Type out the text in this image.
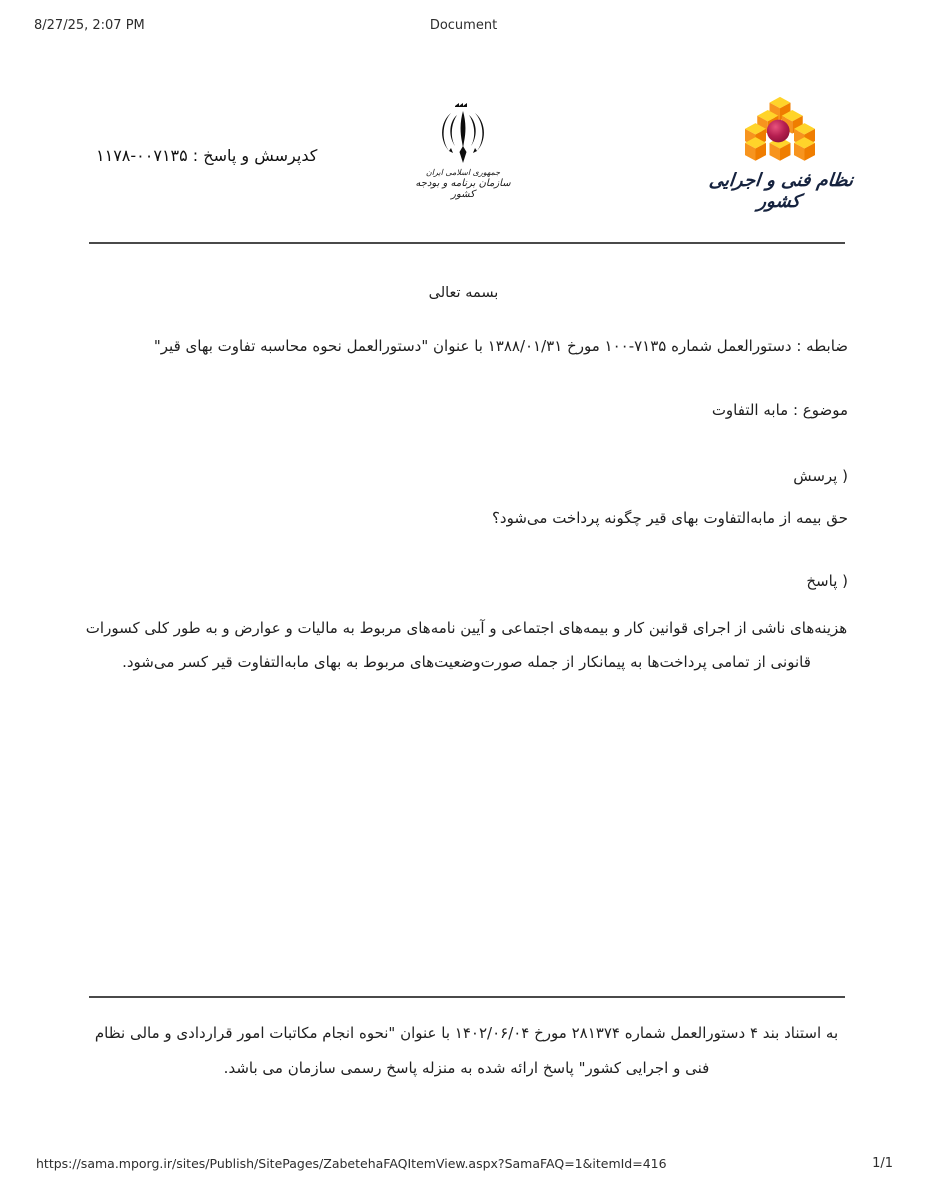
8/27/25, 2:07 PM	Document
کدپرسش و پاسخ : ۰۰۷۱۳۵-۱۱۷۸
جمهوری اسلامی ایران
سازمان برنامه و بودجه کشور
نظام فنی و اجرایی کشور
بسمه تعالی
ضابطه : دستورالعمل شماره ۷۱۳۵-۱۰۰ مورخ ۱۳۸۸/۰۱/۳۱ با عنوان "دستورالعمل نحوه محاسبه تفاوت بهای قیر"
موضوع : مابه التفاوت
پرسش )
حق بیمه از مابه‌التفاوت بهای قیر چگونه پرداخت می‌شود؟
پاسخ )
هزینه‌های ناشی از اجرای قوانین کار و بیمه‌های اجتماعی و آیین نامه‌های مربوط به مالیات و عوارض و به طور کلی کسورات قانونی از تمامی پرداخت‌ها به پیمانکار از جمله صورت‌وضعیت‌های مربوط به بهای مابه‌التفاوت قیر کسر می‌شود.
به استناد بند ۴ دستورالعمل شماره ۲۸۱۳۷۴ مورخ ۱۴۰۲/۰۶/۰۴ با عنوان "نحوه انجام مکاتبات امور قراردادی و مالی نظام فنی و اجرایی کشور" پاسخ ارائه شده به منزله پاسخ رسمی سازمان می باشد.
https://sama.mporg.ir/sites/Publish/SitePages/ZabetehaFAQItemView.aspx?SamaFAQ=1&itemId=416	1/1
